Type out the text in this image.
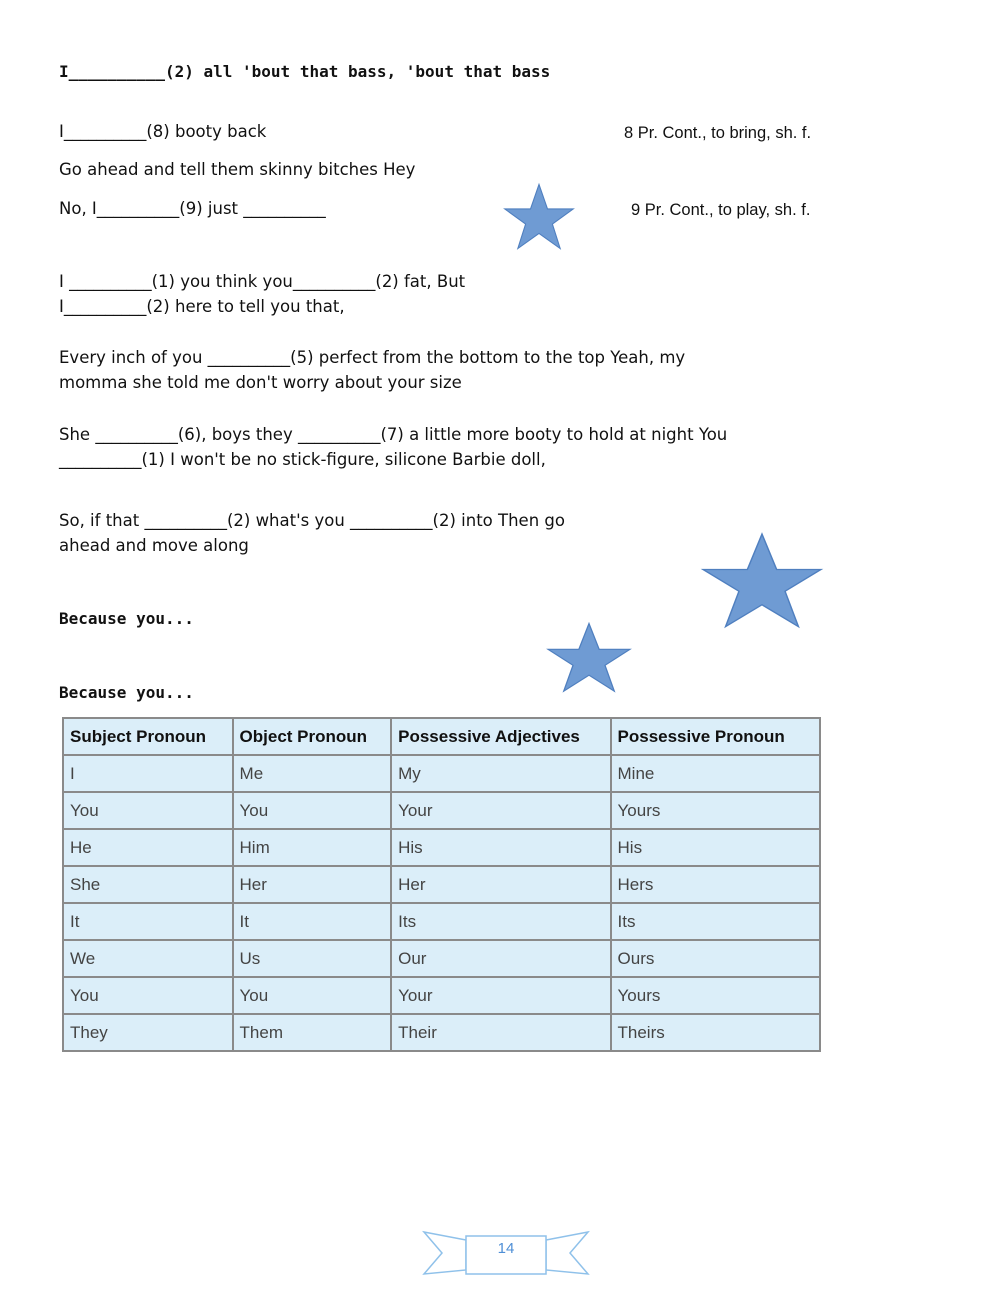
I__________(2) all 'bout that bass, 'bout that bass
I__________(8) booty back
Go ahead and tell them skinny bitches Hey
No, I__________(9) just __________
I __________(1) you think you__________(2) fat, But
I__________(2) here to tell you that,
Every inch of you __________(5) perfect from the bottom to the top Yeah, my
momma she told me don't worry about your size
She __________(6), boys they __________(7) a little more booty to hold at night You
__________(1) I won't be no stick-figure, silicone Barbie doll,
So, if that __________(2) what's you __________(2) into Then go
ahead and move along
Because you...
Because you...
8 Pr. Cont., to bring, sh. f.
9 Pr. Cont., to play, sh. f.
Subject Pronoun	Object Pronoun	Possessive Adjectives	Possessive Pronoun
I	Me	My	Mine
You	You	Your	Yours
He	Him	His	His
She	Her	Her	Hers
It	It	Its	Its
We	Us	Our	Ours
You	You	Your	Yours
They	Them	Their	Theirs
14
